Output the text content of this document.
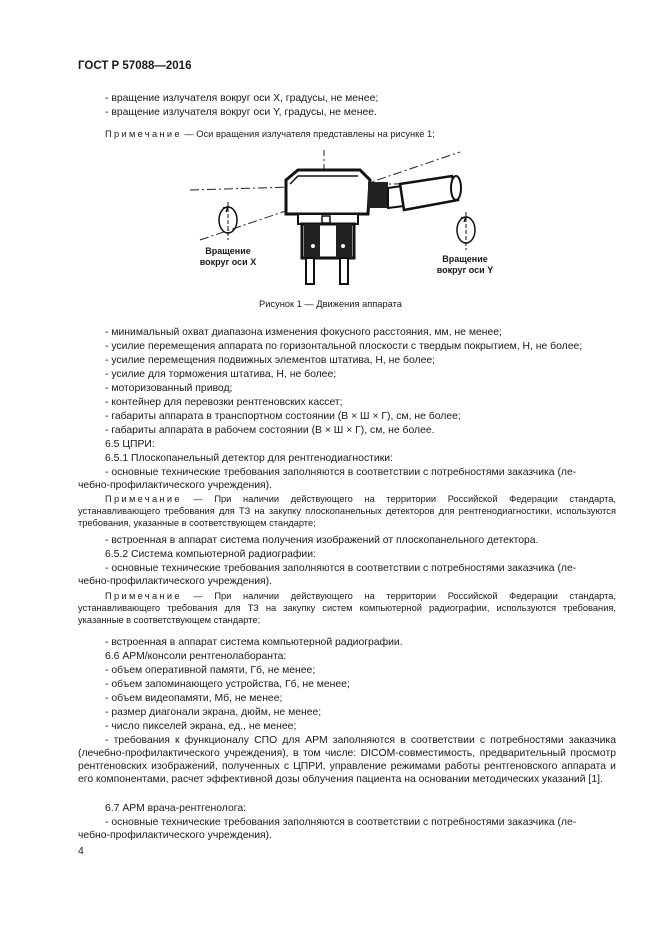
ГОСТ Р 57088—2016
- вращение излучателя вокруг оси X, градусы, не менее;
- вращение излучателя вокруг оси Y, градусы, не менее.
Примечание — Оси вращения излучателя представлены на рисунке 1;
Вращение
вокруг оси X	Вращение
вокруг оси Y
Рисунок 1 — Движения аппарата
- минимальный охват диапазона изменения фокусного расстояния, мм, не менее;
- усилие перемещения аппарата по горизонтальной плоскости с твердым покрытием, Н, не более;
- усилие перемещения подвижных элементов штатива, Н, не более;
- усилие для торможения штатива, Н, не более;
- моторизованный привод;
- контейнер для перевозки рентгеновских кассет;
- габариты аппарата в транспортном состоянии (В × Ш × Г), см, не более;
- габариты аппарата в рабочем состоянии (В × Ш × Г), см, не более.
6.5 ЦПРИ:
6.5.1 Плоскопанельный детектор для рентгенодиагностики:
- основные технические требования заполняются в соответствии с потребностями заказчика (ле-
чебно-профилактического учреждения).
Примечание — При наличии действующего на территории Российской Федерации стандарта, устанавливающего требования для ТЗ на закупку плоскопанельных детекторов для рентгенодиагностики, используются требования, указанные в соответствующем стандарте;
- встроенная в аппарат система получения изображений от плоскопанельного детектора.
6.5.2 Система компьютерной радиографии:
- основные технические требования заполняются в соответствии с потребностями заказчика (ле-
чебно-профилактического учреждения).
Примечание — При наличии действующего на территории Российской Федерации стандарта, устанавливающего требования для ТЗ на закупку систем компьютерной радиографии, используются требования, указанные в соответствующем стандарте;
- встроенная в аппарат система компьютерной радиографии.
6.6 АРМ/консоли рентгенолаборанта:
- объем оперативной памяти, Гб, не менее;
- объем запоминающего устройства, Гб, не менее;
- объем видеопамяти, Мб, не менее;
- размер диагонали экрана, дюйм, не менее;
- число пикселей экрана, ед., не менее;
- требования к функционалу СПО для АРМ заполняются в соответствии с потребностями заказчика (лечебно-профилактического учреждения), в том числе: DICOM-совместимость, предварительный просмотр рентгеновских изображений, полученных с ЦПРИ, управление режимами работы рентгеновского аппарата и его компонентами, расчет эффективной дозы облучения пациента на основании методических указаний [1].
6.7 АРМ врача-рентгенолога:
- основные технические требования заполняются в соответствии с потребностями заказчика (ле-
чебно-профилактического учреждения).
4
